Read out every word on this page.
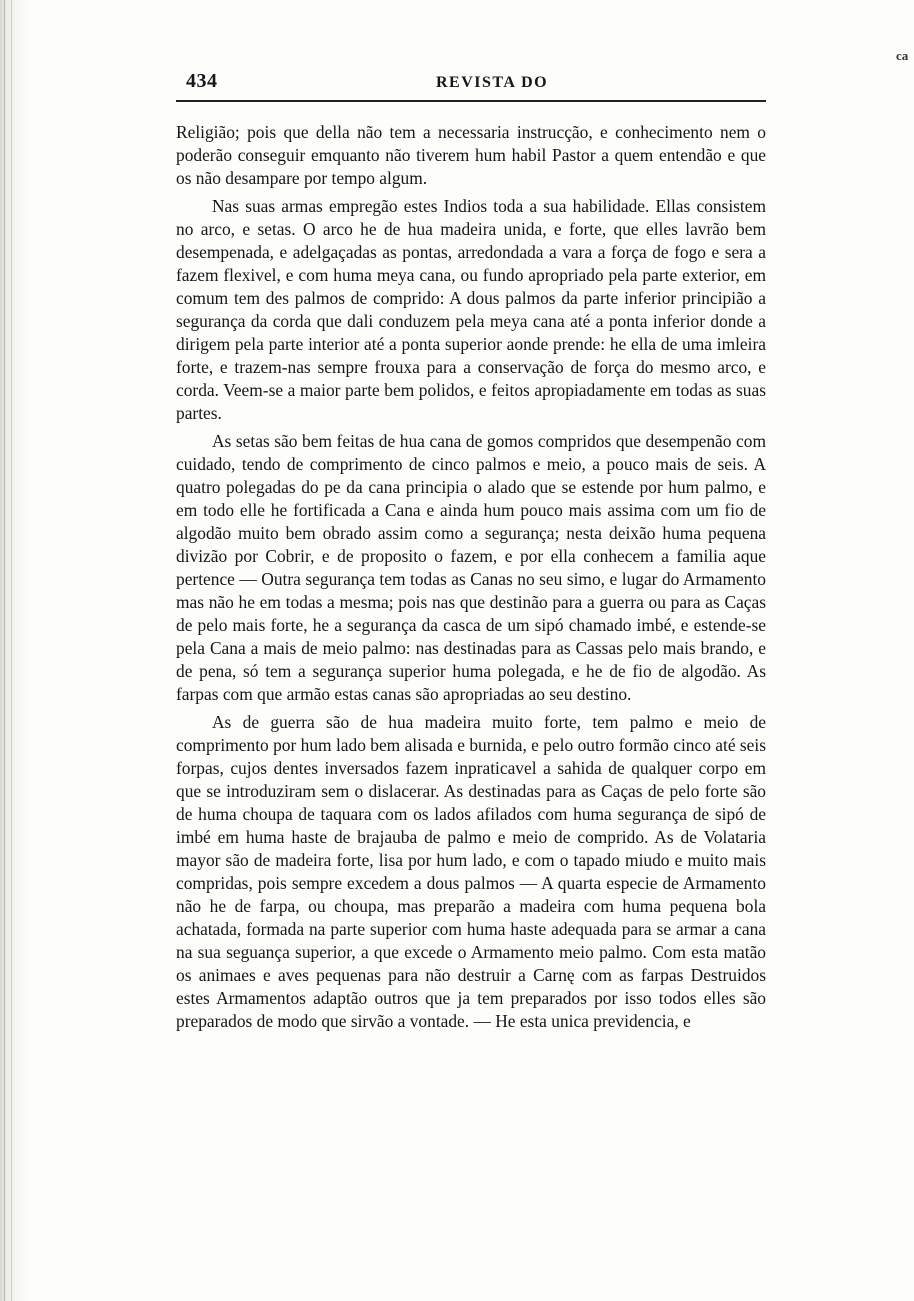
434	REVISTA DO

Religião; pois que della não tem a necessaria instrucção, e conhecimento nem o poderão conseguir emquanto não tiverem hum habil Pastor a quem entendão e que os não desampare por tempo algum.

Nas suas armas empregão estes Indios toda a sua habilidade. Ellas consistem no arco, e setas. O arco he de hua madeira unida, e forte, que elles lavrão bem desempenada, e adelgaçadas as pontas, arredondada a vara a força de fogo e sera a fazem flexivel, e com huma meya cana, ou fundo apropriado pela parte exterior, em comum tem des palmos de comprido: A dous palmos da parte inferior principião a segurança da corda que dali conduzem pela meya cana até a ponta inferior donde a dirigem pela parte interior até a ponta superior aonde prende: he ella de uma imleira forte, e trazem-nas sempre frouxa para a conservação de força do mesmo arco, e corda. Veem-se a maior parte bem polidos, e feitos apropiadamente em todas as suas partes.

As setas são bem feitas de hua cana de gomos compridos que desempenão com cuidado, tendo de comprimento de cinco palmos e meio, a pouco mais de seis. A quatro polegadas do pe da cana principia o alado que se estende por hum palmo, e em todo elle he fortificada a Cana e ainda hum pouco mais assima com um fio de algodão muito bem obrado assim como a segurança; nesta deixão huma pequena divizão por Cobrir, e de proposito o fazem, e por ella conhecem a familia aque pertence — Outra segurança tem todas as Canas no seu simo, e lugar do Armamento mas não he em todas a mesma; pois nas que destinão para a guerra ou para as Caças de pelo mais forte, he a segurança da casca de um sipó chamado imbé, e estende-se pela Cana a mais de meio palmo: nas destinadas para as Cassas pelo mais brando, e de pena, só tem a segurança superior huma polegada, e he de fio de algodão. As farpas com que armão estas canas são apropriadas ao seu destino.

As de guerra são de hua madeira muito forte, tem palmo e meio de comprimento por hum lado bem alisada e burnida, e pelo outro formão cinco até seis forpas, cujos dentes inversados fazem inpraticavel a sahida de qualquer corpo em que se introduziram sem o dislacerar. As destinadas para as Caças de pelo forte são de huma choupa de taquara com os lados afilados com huma segurança de sipó de imbé em huma haste de brajauba de palmo e meio de comprido. As de Volataria mayor são de madeira forte, lisa por hum lado, e com o tapado miudo e muito mais compridas, pois sempre excedem a dous palmos — A quarta especie de Armamento não he de farpa, ou choupa, mas preparão a madeira com huma pequena bola achatada, formada na parte superior com huma haste adequada para se armar a cana na sua seguança superior, a que excede o Armamento meio palmo. Com esta matão os animaes e aves pequenas para não destruir a Carnę com as farpas Destruidos estes Armamentos adaptão outros que ja tem preparados por isso todos elles são preparados de modo que sirvão a vontade. — He esta unica previdencia, e

ca
